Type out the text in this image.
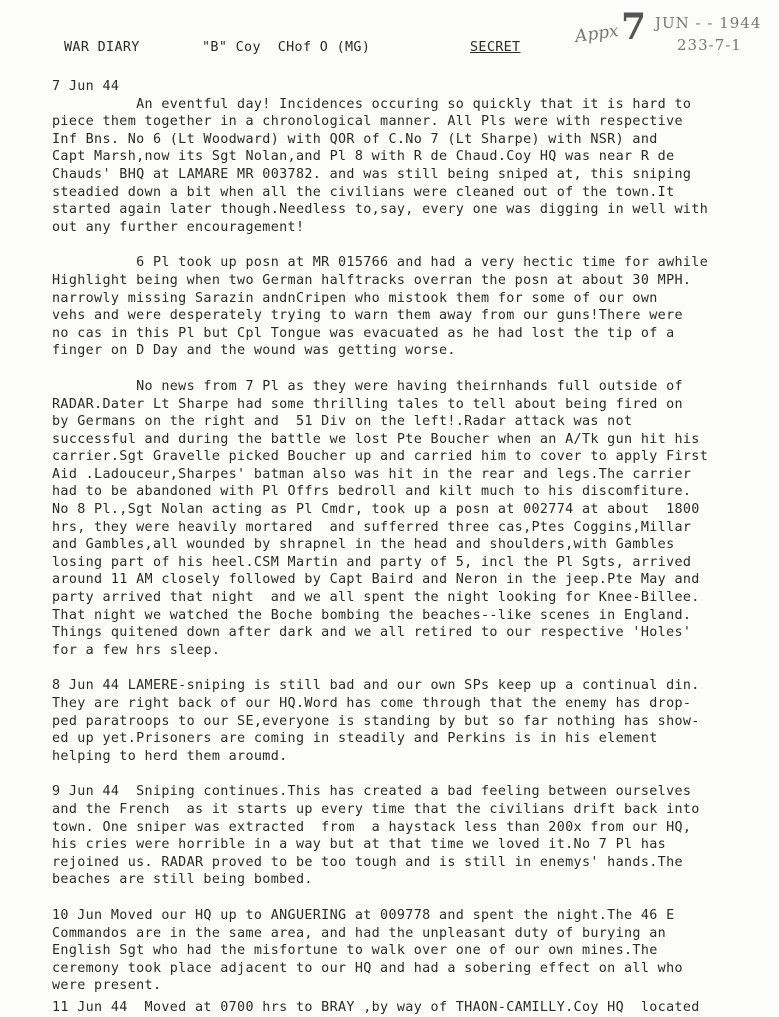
WAR DIARY

	"B" Coy  CHof O (MG)

	SECRET

Appx 7 JUN - - 1944
233-7-1
7 Jun 44
An eventful day! Incidences occuring so quickly that it is hard to
piece them together in a chronological manner. All Pls were with respective
Inf Bns. No 6 (Lt Woodward) with QOR of C.No 7 (Lt Sharpe) with NSR) and
Capt Marsh,now its Sgt Nolan,and Pl 8 with R de Chaud.Coy HQ was near R de
Chauds' BHQ at LAMARE MR 003782. and was still being sniped at, this sniping
steadied down a bit when all the civilians were cleaned out of the town.It
started again later though.Needless to,say, every one was digging in well with
out any further encouragement!
6 Pl took up posn at MR 015766 and had a very hectic time for awhile
Highlight being when two German halftracks overran the posn at about 30 MPH.
narrowly missing Sarazin andnCripen who mistook them for some of our own
vehs and were desperately trying to warn them away from our guns!There were
no cas in this Pl but Cpl Tongue was evacuated as he had lost the tip of a
finger on D Day and the wound was getting worse.
No news from 7 Pl as they were having theirnhands full outside of
RADAR.Dater Lt Sharpe had some thrilling tales to tell about being fired on
by Germans on the right and  51 Div on the left!.Radar attack was not
successful and during the battle we lost Pte Boucher when an A/Tk gun hit his
carrier.Sgt Gravelle picked Boucher up and carried him to cover to apply First
Aid .Ladouceur,Sharpes' batman also was hit in the rear and legs.The carrier
had to be abandoned with Pl Offrs bedroll and kilt much to his discomfiture.
No 8 Pl.,Sgt Nolan acting as Pl Cmdr, took up a posn at 002774 at about  1800
hrs, they were heavily mortared  and sufferred three cas,Ptes Coggins,Millar
and Gambles,all wounded by shrapnel in the head and shoulders,with Gambles
losing part of his heel.CSM Martin and party of 5, incl the Pl Sgts, arrived
around 11 AM closely followed by Capt Baird and Neron in the jeep.Pte May and
party arrived that night  and we all spent the night looking for Knee-Billee.
That night we watched the Boche bombing the beaches--like scenes in England.
Things quitened down after dark and we all retired to our respective 'Holes'
for a few hrs sleep.
8 Jun 44 LAMERE-sniping is still bad and our own SPs keep up a continual din.
They are right back of our HQ.Word has come through that the enemy has drop-
ped paratroops to our SE,everyone is standing by but so far nothing has show-
ed up yet.Prisoners are coming in steadily and Perkins is in his element
helping to herd them aroumd.
9 Jun 44  Sniping continues.This has created a bad feeling between ourselves
and the French  as it starts up every time that the civilians drift back into
town. One sniper was extracted  from  a haystack less than 200x from our HQ,
his cries were horrible in a way but at that time we loved it.No 7 Pl has
rejoined us. RADAR proved to be too tough and is still in enemys' hands.The
beaches are still being bombed.
10 Jun Moved our HQ up to ANGUERING at 009778 and spent the night.The 46 E
Commandos are in the same area, and had the unpleasant duty of burying an
English Sgt who had the misfortune to walk over one of our own mines.The
ceremony took place adjacent to our HQ and had a sobering effect on all who
were present.
11 Jun 44  Moved at 0700 hrs to BRAY ,by way of THAON-CAMILLY.Coy HQ  located
